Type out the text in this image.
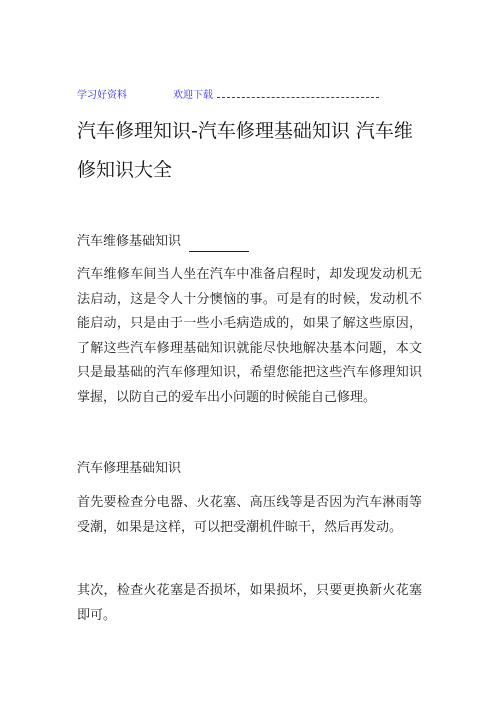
学习好资料	欢迎下载
汽车修理知识-汽车修理基础知识 汽车维修知识大全
汽车维修基础知识

汽车维修车间当人坐在汽车中准备启程时，却发现发动机无法启动，这是令人十分懊恼的事。可是有的时候，发动机不能启动，只是由于一些小毛病造成的，如果了解这些原因，了解这些汽车修理基础知识就能尽快地解决基本问题，本文只是最基础的汽车修理知识，希望您能把这些汽车修理知识掌握，以防自己的爱车出小问题的时候能自己修理。

汽车修理基础知识

首先要检查分电器、火花塞、高压线等是否因为汽车淋雨等受潮，如果是这样，可以把受潮机件晾干，然后再发动。

其次，检查火花塞是否损坏，如果损坏，只要更换新火花塞即可。
